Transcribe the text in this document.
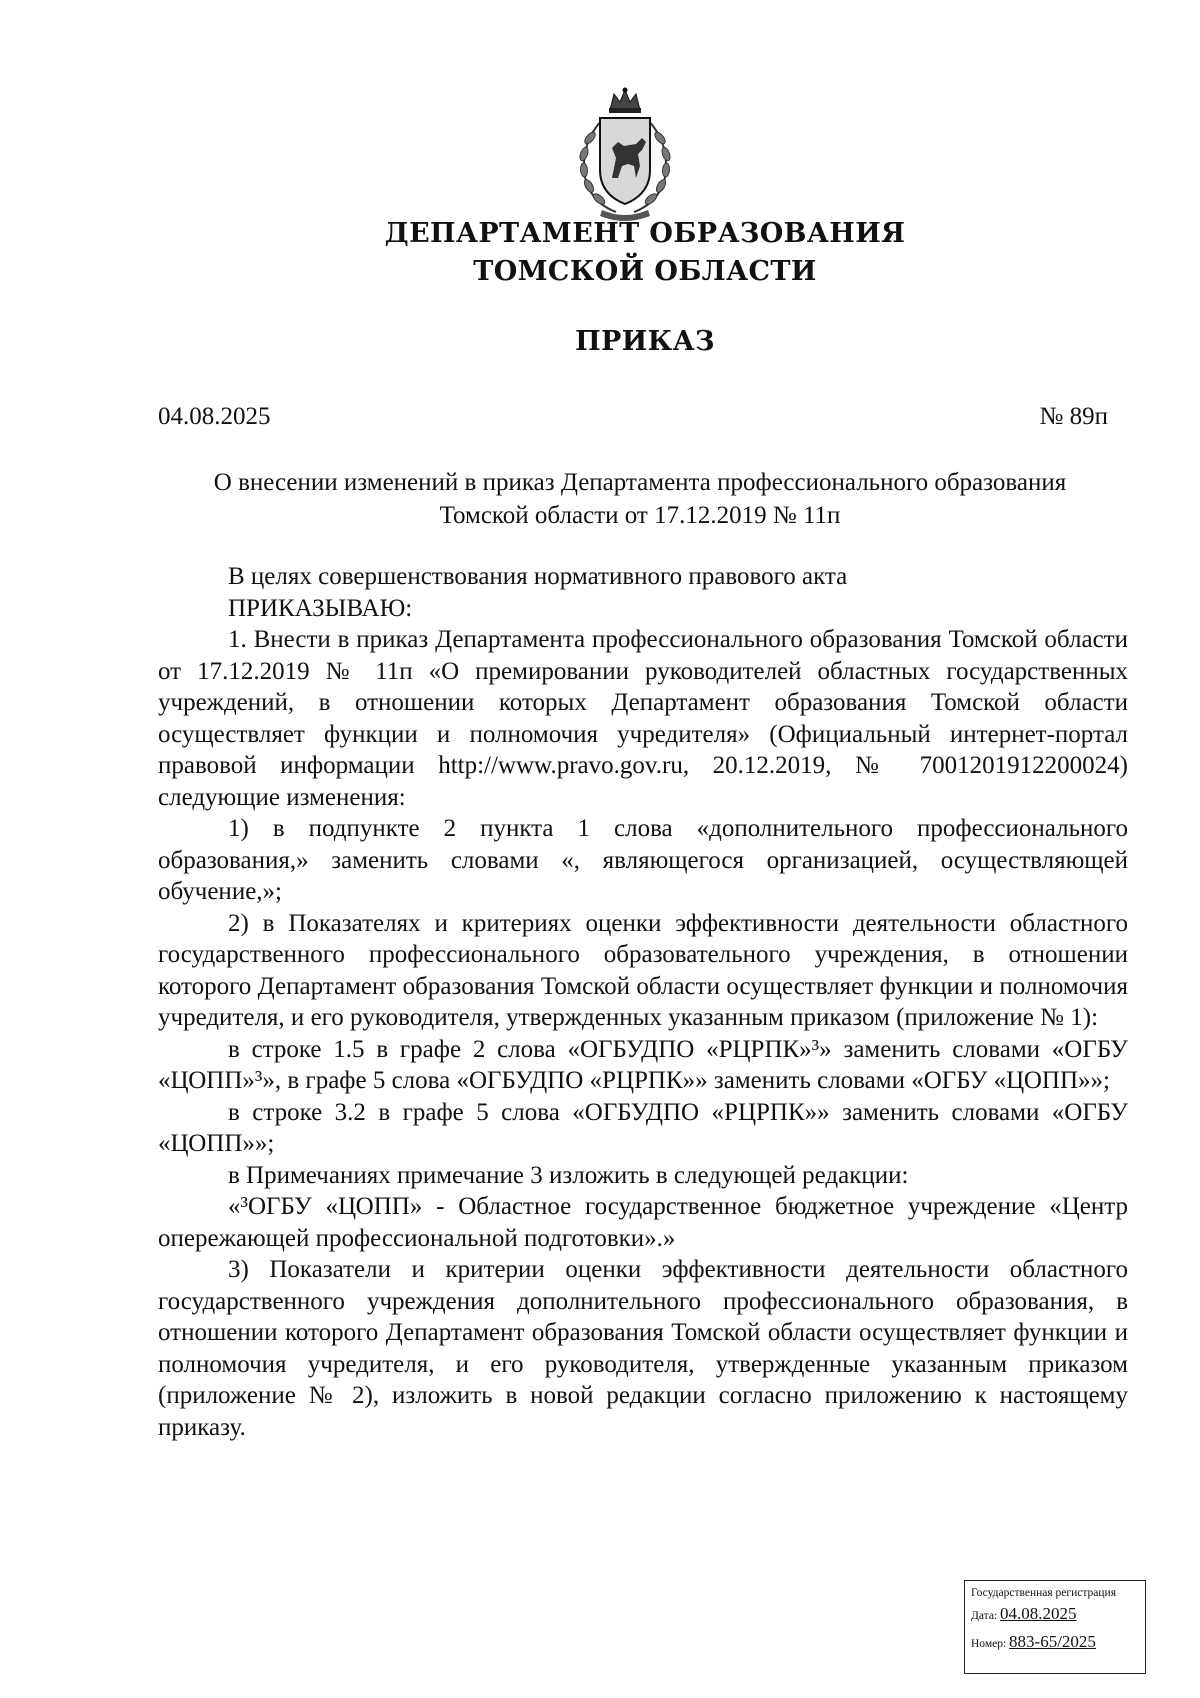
ДЕПАРТАМЕНТ ОБРАЗОВАНИЯ
ТОМСКОЙ ОБЛАСТИ
ПРИКАЗ
04.08.2025	№ 89п
О внесении изменений в приказ Департамента профессионального образования
Томской области от 17.12.2019 № 11п

В целях совершенствования нормативного правового акта

ПРИКАЗЫВАЮ:

1. Внести в приказ Департамента профессионального образования Томской области от 17.12.2019 № 11п «О премировании руководителей областных государственных учреждений, в отношении которых Департамент образования Томской области осуществляет функции и полномочия учредителя» (Официальный интернет-портал правовой информации http://www.pravo.gov.ru, 20.12.2019, № 7001201912200024) следующие изменения:

1) в подпункте 2 пункта 1 слова «дополнительного профессионального образования,» заменить словами «, являющегося организацией, осуществляющей обучение,»;

2) в Показателях и критериях оценки эффективности деятельности областного государственного профессионального образовательного учреждения, в отношении которого Департамент образования Томской области осуществляет функции и полномочия учредителя, и его руководителя, утвержденных указанным приказом (приложение № 1):

в строке 1.5 в графе 2 слова «ОГБУДПО «РЦРПК»³» заменить словами «ОГБУ «ЦОПП»³», в графе 5 слова «ОГБУДПО «РЦРПК»» заменить словами «ОГБУ «ЦОПП»»;

в строке 3.2 в графе 5 слова «ОГБУДПО «РЦРПК»» заменить словами «ОГБУ «ЦОПП»»;

в Примечаниях примечание 3 изложить в следующей редакции:

«³ОГБУ «ЦОПП» - Областное государственное бюджетное учреждение «Центр опережающей профессиональной подготовки».»

3) Показатели и критерии оценки эффективности деятельности областного государственного учреждения дополнительного профессионального образования, в отношении которого Департамент образования Томской области осуществляет функции и полномочия учредителя, и его руководителя, утвержденные указанным приказом (приложение № 2), изложить в новой редакции согласно приложению к настоящему приказу.

Государственная регистрация
Дата: 04.08.2025
Номер: 883-65/2025
